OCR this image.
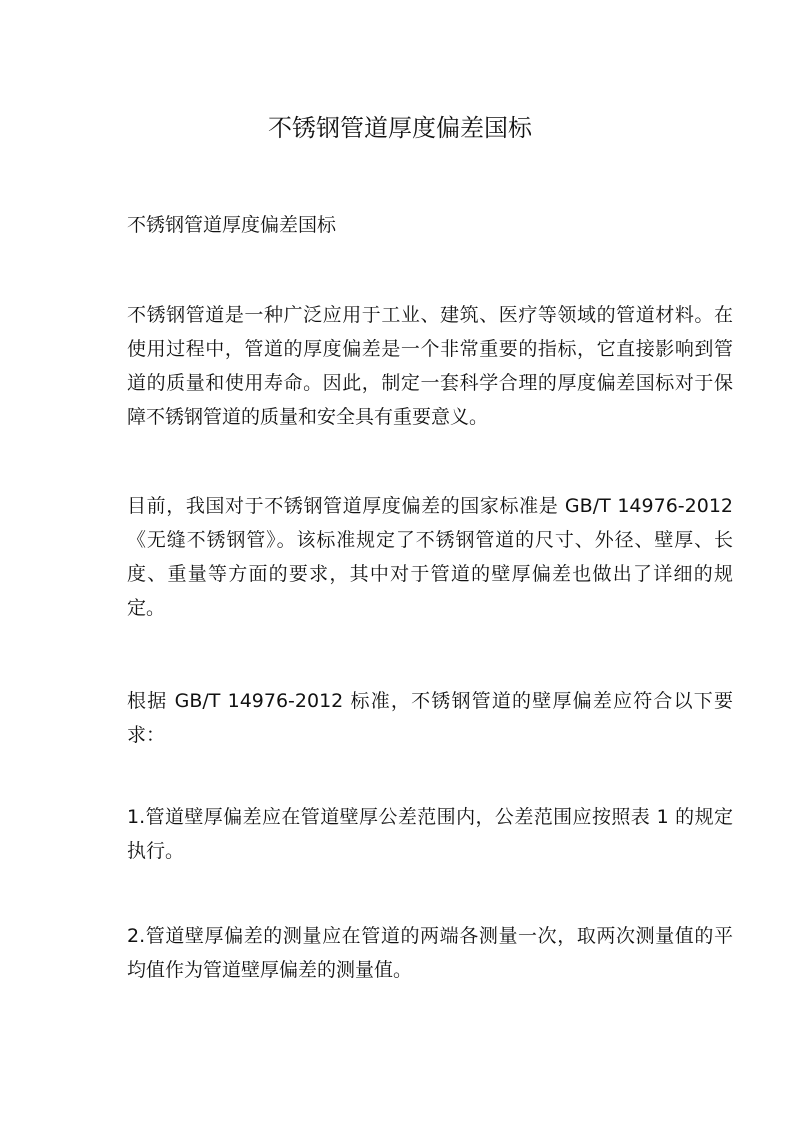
不锈钢管道厚度偏差国标

不锈钢管道厚度偏差国标

不锈钢管道是一种广泛应用于工业、建筑、医疗等领域的管道材料。在使用过程中，管道的厚度偏差是一个非常重要的指标，它直接影响到管道的质量和使用寿命。因此，制定一套科学合理的厚度偏差国标对于保障不锈钢管道的质量和安全具有重要意义。

目前，我国对于不锈钢管道厚度偏差的国家标准是 GB/T 14976-2012《无缝不锈钢管》。该标准规定了不锈钢管道的尺寸、外径、壁厚、长度、重量等方面的要求，其中对于管道的壁厚偏差也做出了详细的规定。

根据 GB/T 14976-2012 标准，不锈钢管道的壁厚偏差应符合以下要求：

1.管道壁厚偏差应在管道壁厚公差范围内，公差范围应按照表 1 的规定执行。

2.管道壁厚偏差的测量应在管道的两端各测量一次，取两次测量值的平均值作为管道壁厚偏差的测量值。
